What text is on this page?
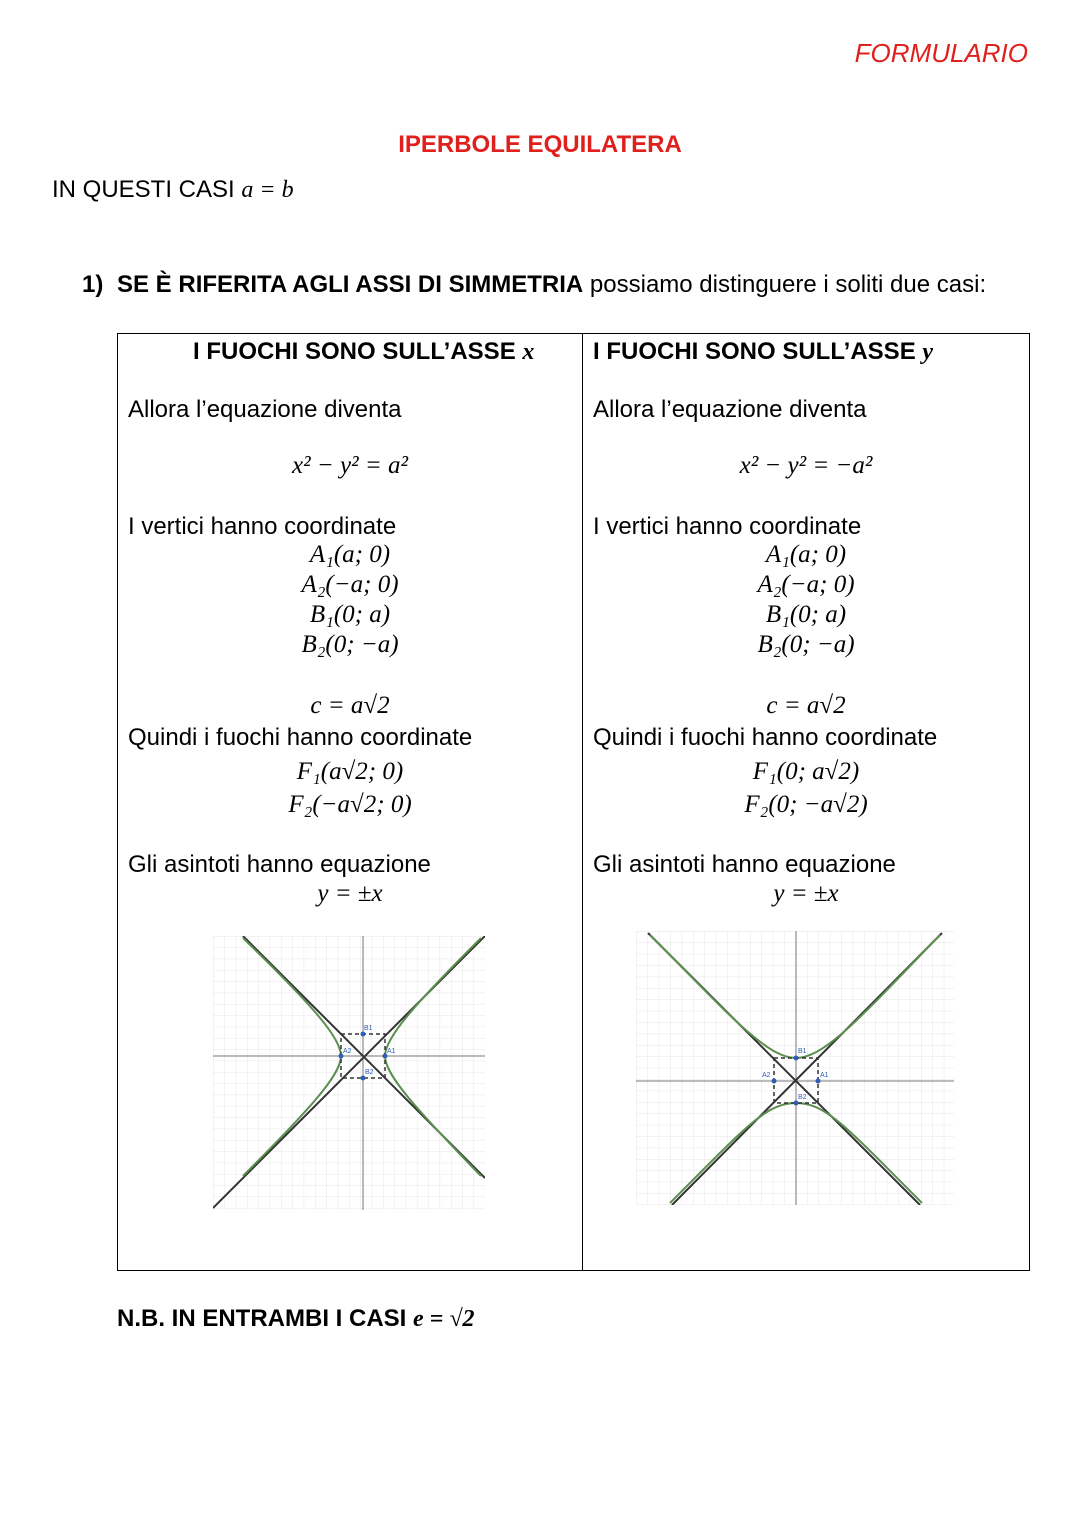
FORMULARIO
IPERBOLE EQUILATERA
IN QUESTI CASI a = b
1) SE È RIFERITA AGLI ASSI DI SIMMETRIA possiamo distinguere i soliti due casi:
I FUOCHI SONO SULL’ASSE x
Allora l’equazione diventa
x² − y² = a²
I vertici hanno coordinate
A₁(a; 0)
A₂(−a; 0)
B₁(0; a)
B₂(0; −a)
c = a√2
Quindi i fuochi hanno coordinate
F₁(a√2; 0)
F₂(−a√2; 0)
Gli asintoti hanno equazione
y = ±x
B1
B2
A1
A2

I FUOCHI SONO SULL’ASSE y
Allora l’equazione diventa
x² − y² = −a²
I vertici hanno coordinate
A₁(a; 0)
A₂(−a; 0)
B₁(0; a)
B₂(0; −a)
c = a√2
Quindi i fuochi hanno coordinate
F₁(0; a√2)
F₂(0; −a√2)
Gli asintoti hanno equazione
y = ±x
B1
B2
A1
A2
N.B. IN ENTRAMBI I CASI e = √2
